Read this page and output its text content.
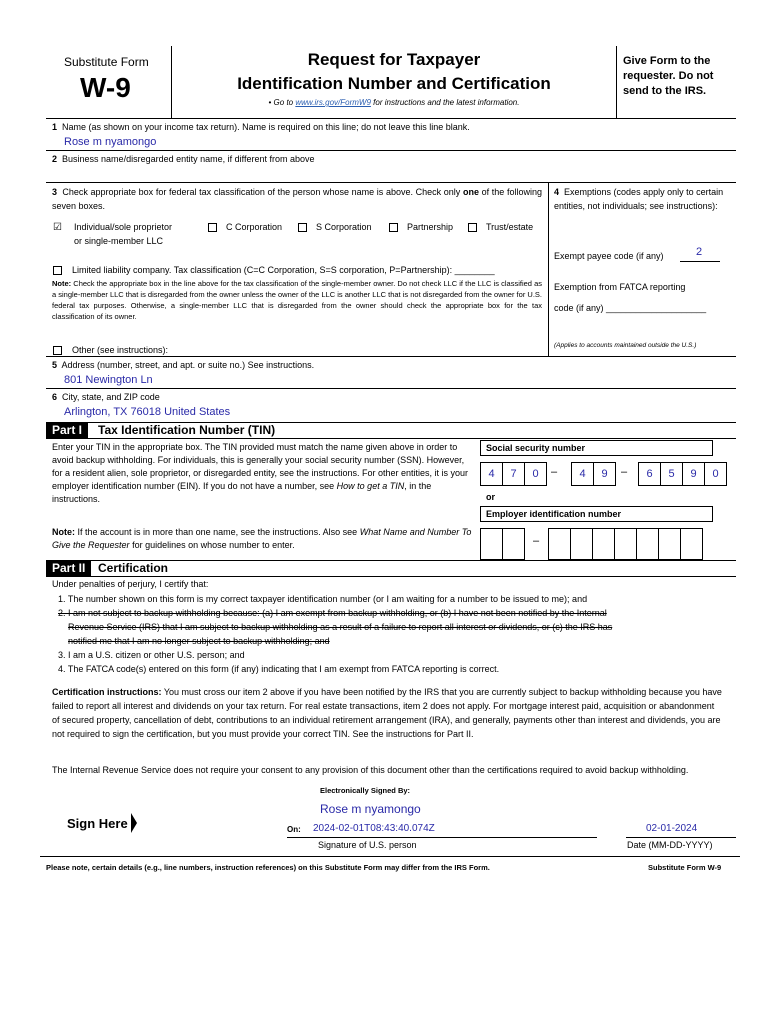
Substitute Form
W-9
Request for Taxpayer
Identification Number and Certification
• Go to www.irs.gov/FormW9 for instructions and the latest information.
Give Form to the requester. Do not send to the IRS.
1 Name (as shown on your income tax return). Name is required on this line; do not leave this line blank.
Rose m nyamongo
2 Business name/disregarded entity name, if different from above
3 Check appropriate box for federal tax classification of the person whose name is above. Check only one of the following seven boxes.
☑ Individual/sole proprietor
or single-member LLC
C Corporation	S Corporation	Partnership	Trust/estate
Limited liability company. Tax classification (C=C Corporation, S=S corporation, P=Partnership): ________
Note: Check the appropriate box in the line above for the tax classification of the single-member owner. Do not check LLC if the LLC is classified as a single-member LLC that is disregarded from the owner unless the owner of the LLC is another LLC that is not disregarded from the owner for U.S. federal tax purposes. Otherwise, a single-member LLC that is disregarded from the owner should check the appropriate box for the tax classification of its owner.
Other (see instructions):
4 Exemptions (codes apply only to certain entities, not individuals; see instructions):
Exempt payee code (if any)	2
Exemption from FATCA reporting
code (if any) ____________________
(Applies to accounts maintained outside the U.S.)
5 Address (number, street, and apt. or suite no.) See instructions.
801 Newington Ln
6 City, state, and ZIP code
Arlington, TX 76018 United States
Part I	Tax Identification Number (TIN)
Enter your TIN in the appropriate box. The TIN provided must match the name given above in order to avoid backup withholding. For individuals, this is generally your social security number (SSN). However, for a resident alien, sole proprietor, or disregarded entity, see the instructions. For other entities, it is your employer identification number (EIN). If you do not have a number, see How to get a TIN, in the instructions.
Note: If the account is in more than one name, see the instructions. Also see What Name and Number To Give the Requester for guidelines on whose number to enter.
Social security number
4	7	0	–	4	9	–	6	5	9	0
or
Employer identification number
–
Part II	Certification
Under penalties of perjury, I certify that:
1. The number shown on this form is my correct taxpayer identification number (or I am waiting for a number to be issued to me); and
2. I am not subject to backup withholding because: (a) I am exempt from backup withholding, or (b) I have not been notified by the Internal
Revenue Service (IRS) that I am subject to backup withholding as a result of a failure to report all interest or dividends, or (c) the IRS has
notified me that I am no longer subject to backup withholding; and
3. I am a U.S. citizen or other U.S. person; and
4. The FATCA code(s) entered on this form (if any) indicating that I am exempt from FATCA reporting is correct.
Certification instructions: You must cross our item 2 above if you have been notified by the IRS that you are currently subject to backup withholding because you have failed to report all interest and dividends on your tax return. For real estate transactions, item 2 does not apply. For mortgage interest paid, acquisition or abandonment of secured property, cancellation of debt, contributions to an individual retirement arrangement (IRA), and generally, payments other than interest and dividends, you are not required to sign the certification, but you must provide your correct TIN. See the instructions for Part II.
The Internal Revenue Service does not require your consent to any provision of this document other than the certifications required to avoid backup withholding.
Electronically Signed By:
Rose m nyamongo
Sign Here	On: 2024-02-01T08:43:40.074Z	02-01-2024
Signature of U.S. person	Date (MM-DD-YYYY)
Please note, certain details (e.g., line numbers, instruction references) on this Substitute Form may differ from the IRS Form.	Substitute Form W-9
